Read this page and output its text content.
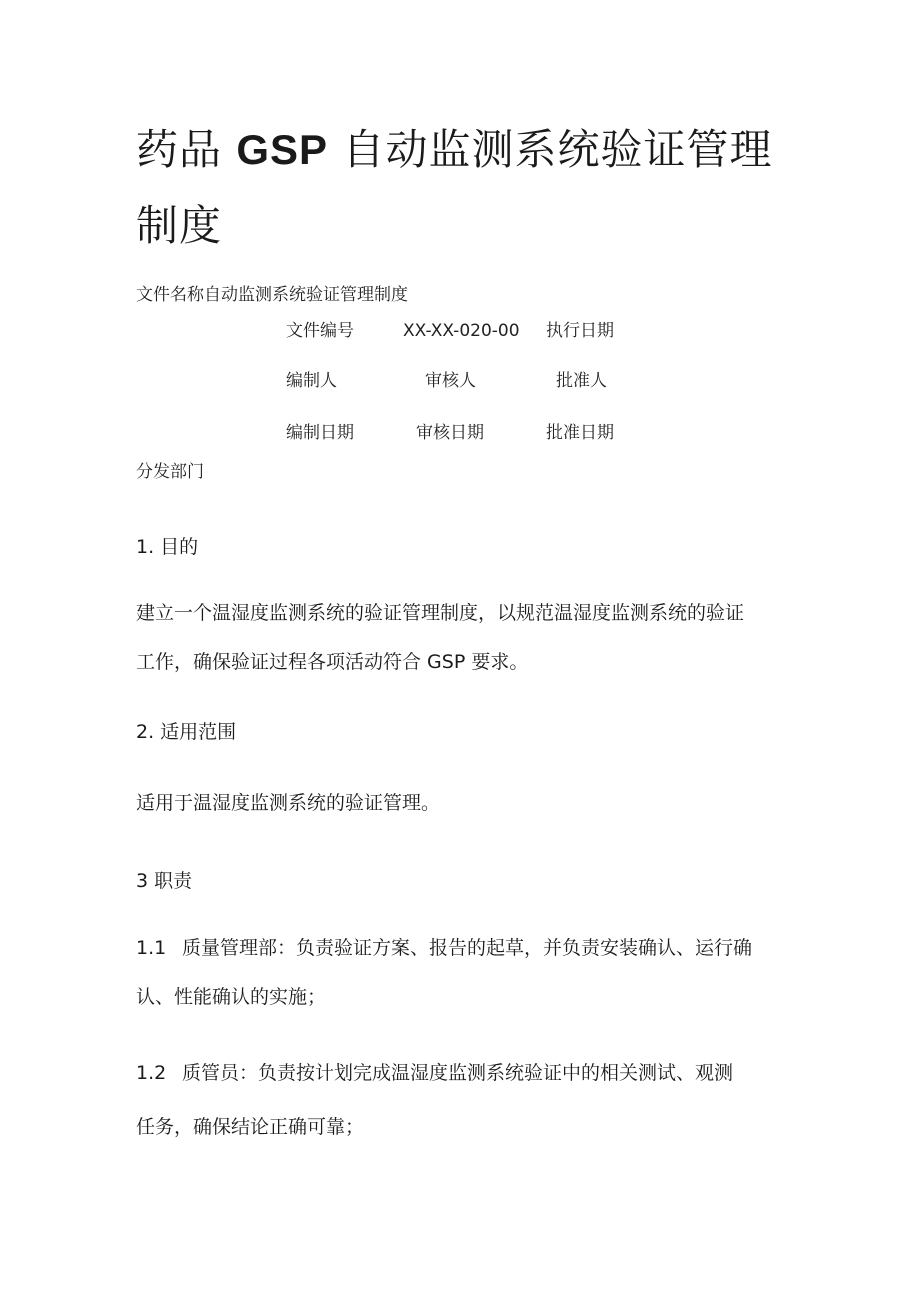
药品 GSP 自动监测系统验证管理制度

文件名称自动监测系统验证管理制度

文件编号	XX-XX-020-00 执行日期

编制人	审核人	批准人

编制日期	审核日期	批准日期

分发部门

1. 目的

建立一个温湿度监测系统的验证管理制度，以规范温湿度监测系统的验证

工作，确保验证过程各项活动符合 GSP 要求。

2. 适用范围

适用于温湿度监测系统的验证管理。

3 职责

1.1 质量管理部：负责验证方案、报告的起草，并负责安装确认、运行确

认、性能确认的实施；

1.2 质管员：负责按计划完成温湿度监测系统验证中的相关测试、观测

任务，确保结论正确可靠；
